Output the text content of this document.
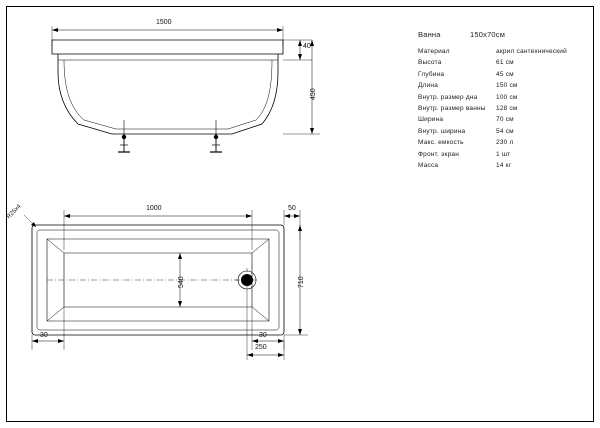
1500
40
450
1000	50
540	710
30	30
250
R25x4
Ванна	150x70см
Материал	акрил сантехнический
Высота	61 см
Глубина	45 см
Длина	150 см
Внутр. размер дна	100 см
Внутр. размер ванны	128 см
Ширина	70 см
Внутр. ширина	54 см
Макс. емкость	230 л
Фронт. экран	1 шт
Масса	14 кг
